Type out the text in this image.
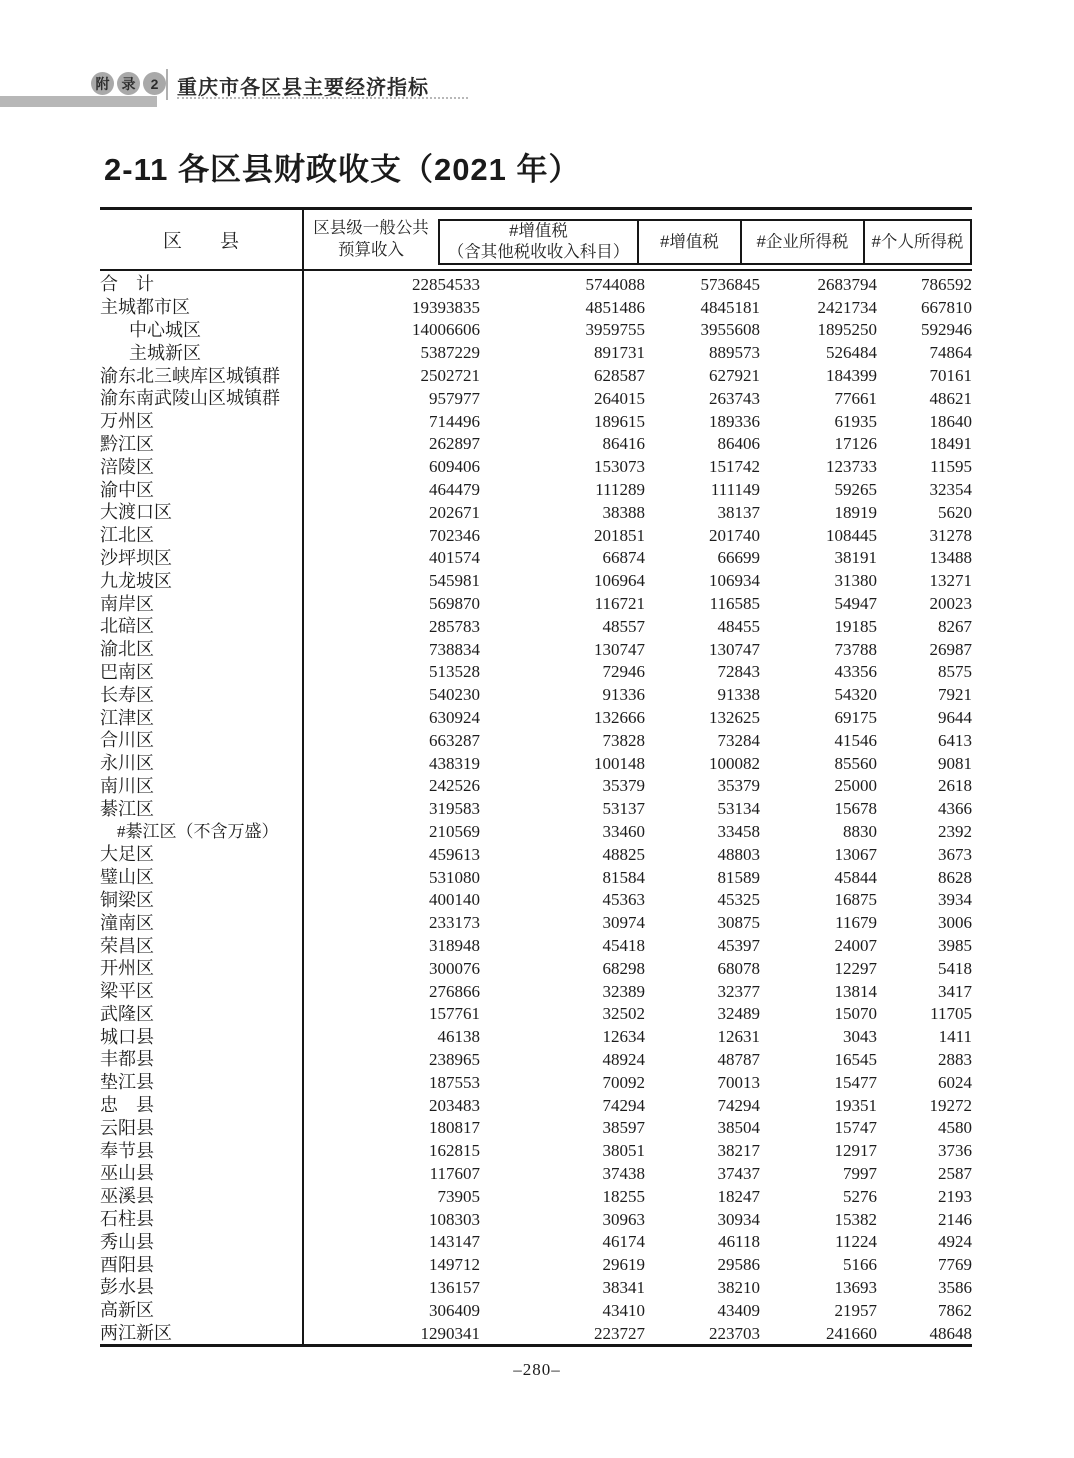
附 录	2 重庆市各区县主要经济指标
2-11 各区县财政收支（2021 年）
区　　县
区县级一般公共
预算收入
#增值税
（含其他税收收入科目）
#增值税	#企业所得税	#个人所得税
合　计	22854533	5744088	5736845	2683794	786592
主城都市区	19393835	4851486	4845181	2421734	667810
中心城区	14006606	3959755	3955608	1895250	592946
主城新区	5387229	891731	889573	526484	74864
渝东北三峡库区城镇群	2502721	628587	627921	184399	70161
渝东南武陵山区城镇群	957977	264015	263743	77661	48621
万州区	714496	189615	189336	61935	18640
黔江区	262897	86416	86406	17126	18491
涪陵区	609406	153073	151742	123733	11595
渝中区	464479	111289	111149	59265	32354
大渡口区	202671	38388	38137	18919	5620
江北区	702346	201851	201740	108445	31278
沙坪坝区	401574	66874	66699	38191	13488
九龙坡区	545981	106964	106934	31380	13271
南岸区	569870	116721	116585	54947	20023
北碚区	285783	48557	48455	19185	8267
渝北区	738834	130747	130747	73788	26987
巴南区	513528	72946	72843	43356	8575
长寿区	540230	91336	91338	54320	7921
江津区	630924	132666	132625	69175	9644
合川区	663287	73828	73284	41546	6413
永川区	438319	100148	100082	85560	9081
南川区	242526	35379	35379	25000	2618
綦江区	319583	53137	53134	15678	4366
#綦江区（不含万盛）	210569	33460	33458	8830	2392
大足区	459613	48825	48803	13067	3673
璧山区	531080	81584	81589	45844	8628
铜梁区	400140	45363	45325	16875	3934
潼南区	233173	30974	30875	11679	3006
荣昌区	318948	45418	45397	24007	3985
开州区	300076	68298	68078	12297	5418
梁平区	276866	32389	32377	13814	3417
武隆区	157761	32502	32489	15070	11705
城口县	46138	12634	12631	3043	1411
丰都县	238965	48924	48787	16545	2883
垫江县	187553	70092	70013	15477	6024
忠　县	203483	74294	74294	19351	19272
云阳县	180817	38597	38504	15747	4580
奉节县	162815	38051	38217	12917	3736
巫山县	117607	37438	37437	7997	2587
巫溪县	73905	18255	18247	5276	2193
石柱县	108303	30963	30934	15382	2146
秀山县	143147	46174	46118	11224	4924
酉阳县	149712	29619	29586	5166	7769
彭水县	136157	38341	38210	13693	3586
高新区	306409	43410	43409	21957	7862
两江新区	1290341	223727	223703	241660	48648
–280–
